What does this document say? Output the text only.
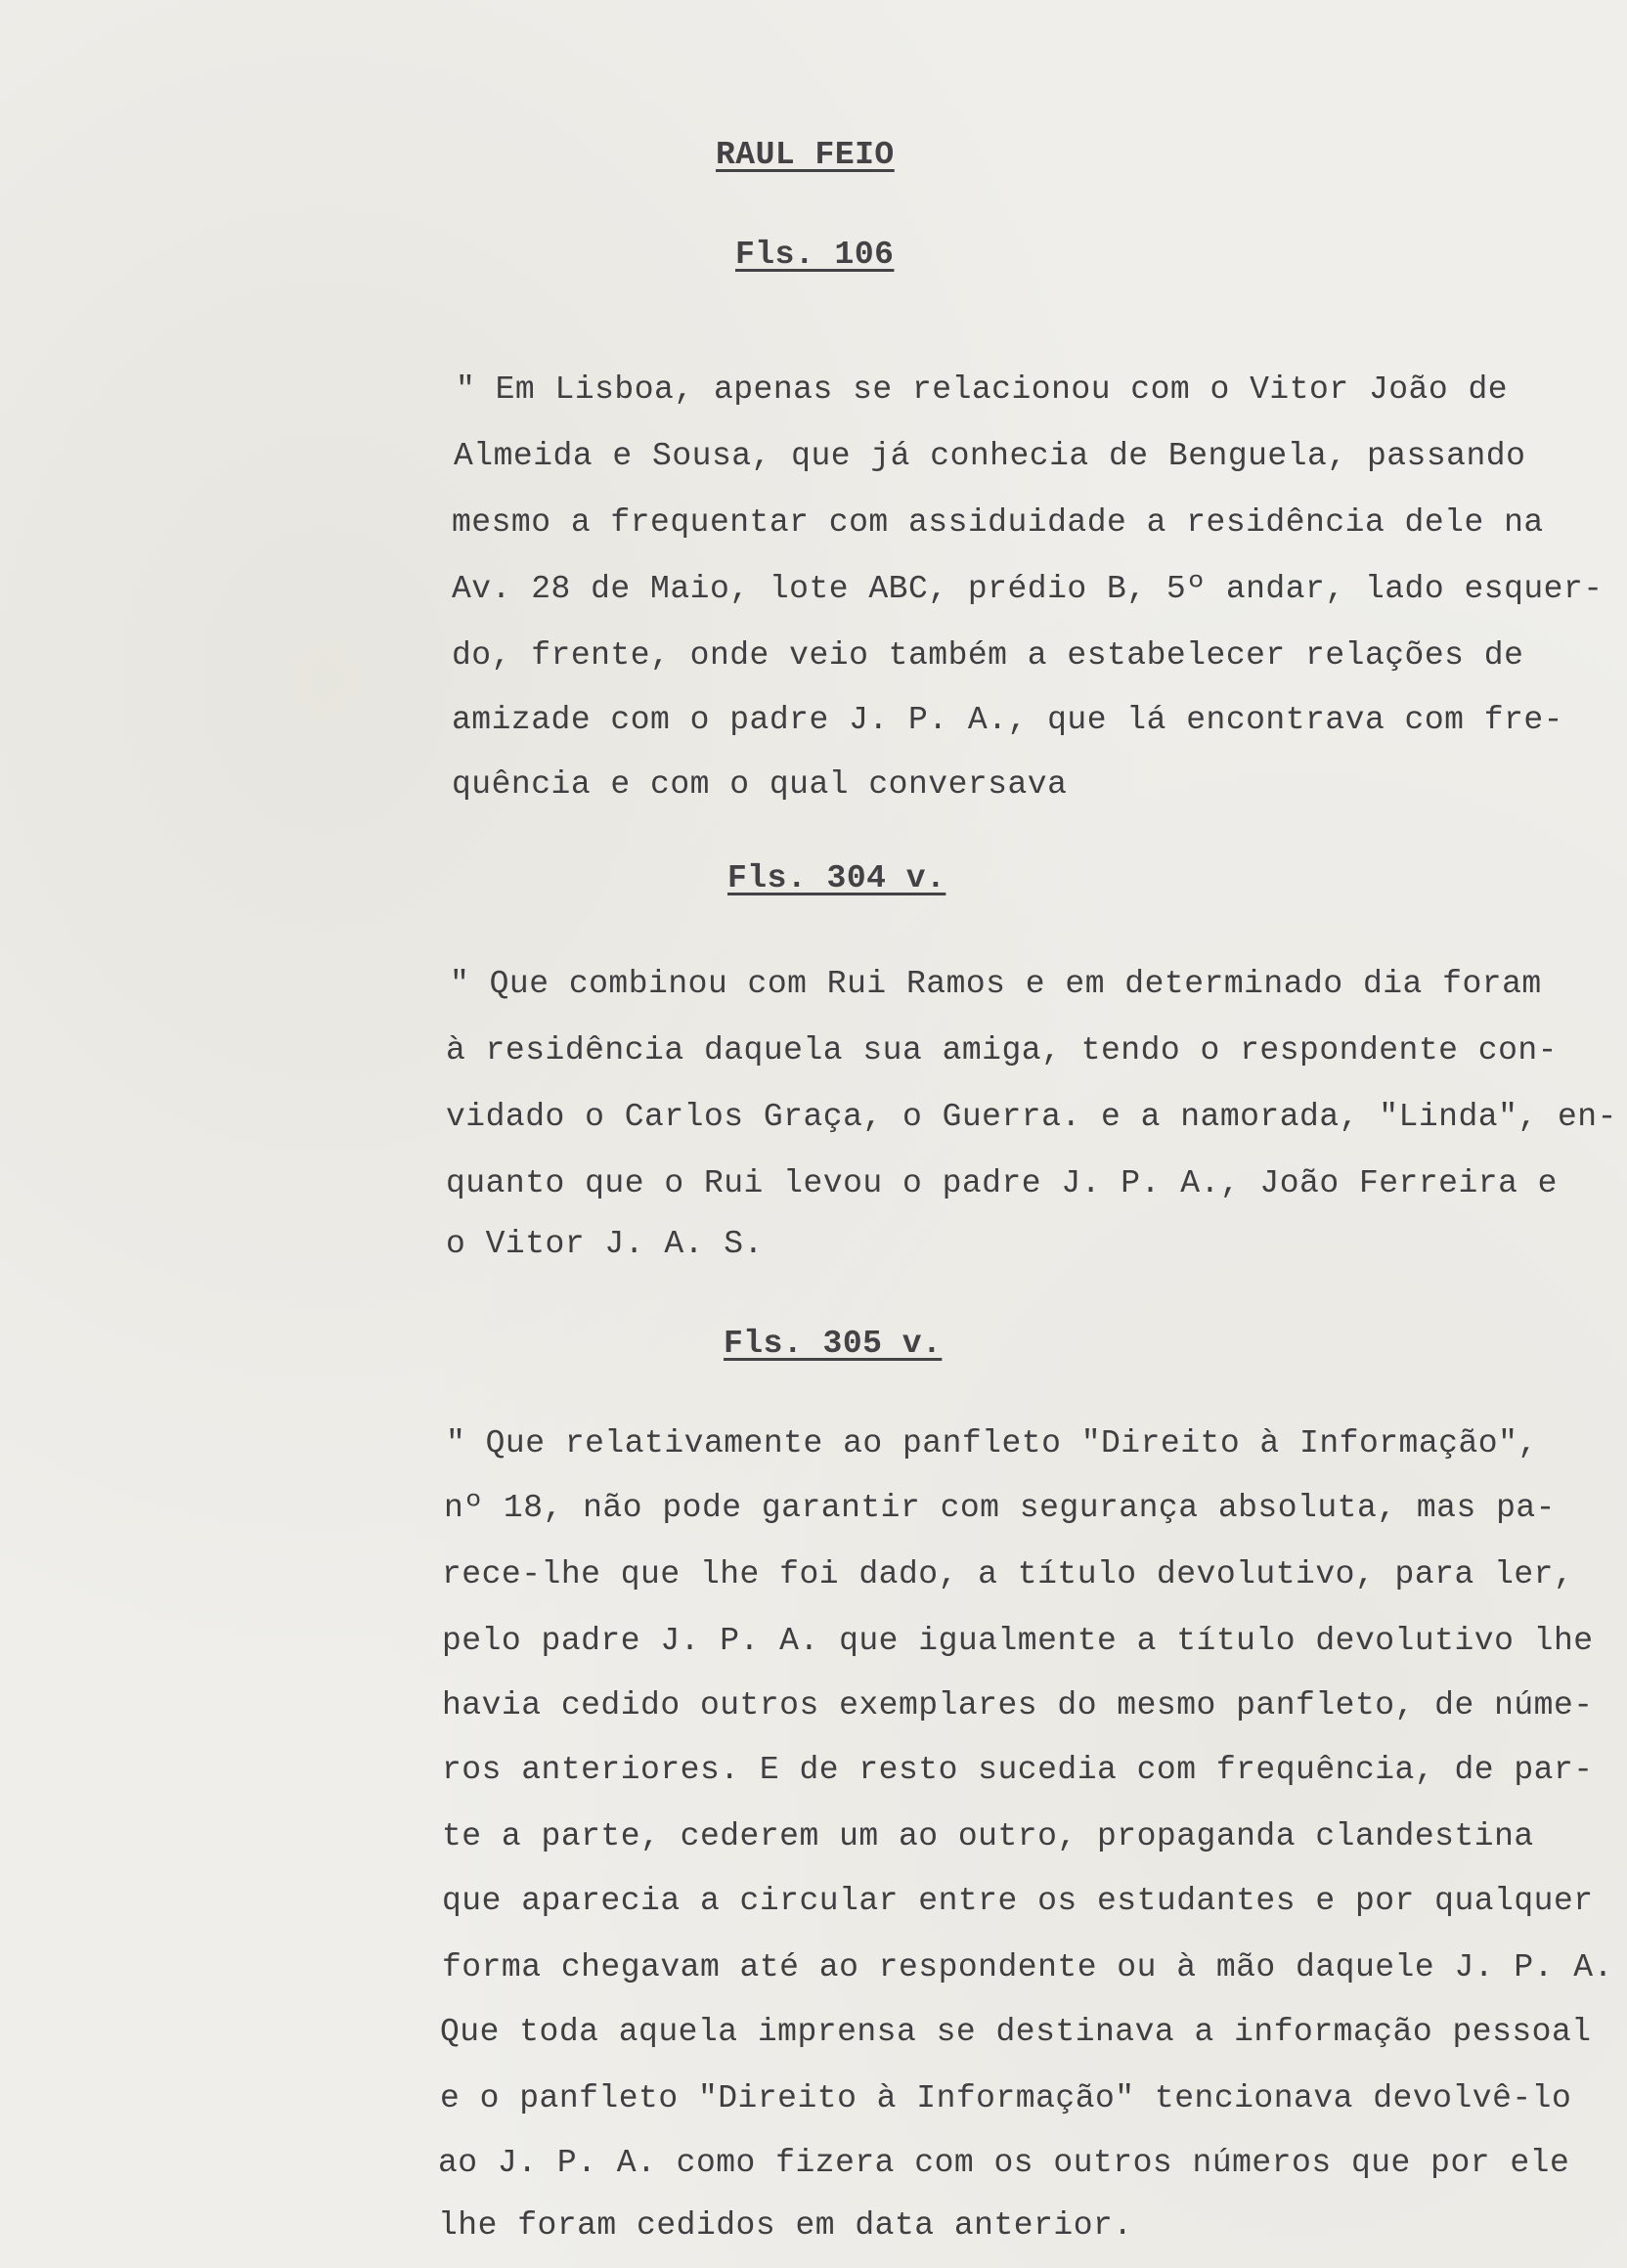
RAUL FEIO
Fls. 106

" Em Lisboa, apenas se relacionou com o Vitor João de

Almeida e Sousa, que já conhecia de Benguela, passando

mesmo a frequentar com assiduidade a residência dele na

Av. 28 de Maio, lote ABC, prédio B, 5º andar, lado esquer-

do, frente, onde veio também a estabelecer relações de

amizade com o padre J. P. A., que lá encontrava com fre-

quência e com o qual conversava

Fls. 304 v.

" Que combinou com Rui Ramos e em determinado dia foram

à residência daquela sua amiga, tendo o respondente con-

vidado o Carlos Graça, o Guerra. e a namorada, "Linda", en-

quanto que o Rui levou o padre J. P. A., João Ferreira e

o Vitor J. A. S.

Fls. 305 v.

" Que relativamente ao panfleto "Direito à Informação",

nº 18, não pode garantir com segurança absoluta, mas pa-

rece-lhe que lhe foi dado, a título devolutivo, para ler,

pelo padre J. P. A. que igualmente a título devolutivo lhe

havia cedido outros exemplares do mesmo panfleto, de núme-

ros anteriores. E de resto sucedia com frequência, de par-

te a parte, cederem um ao outro, propaganda clandestina

que aparecia a circular entre os estudantes e por qualquer

forma chegavam até ao respondente ou à mão daquele J. P. A.

Que toda aquela imprensa se destinava a informação pessoal

e o panfleto "Direito à Informação" tencionava devolvê-lo

ao J. P. A. como fizera com os outros números que por ele

lhe foram cedidos em data anterior.
